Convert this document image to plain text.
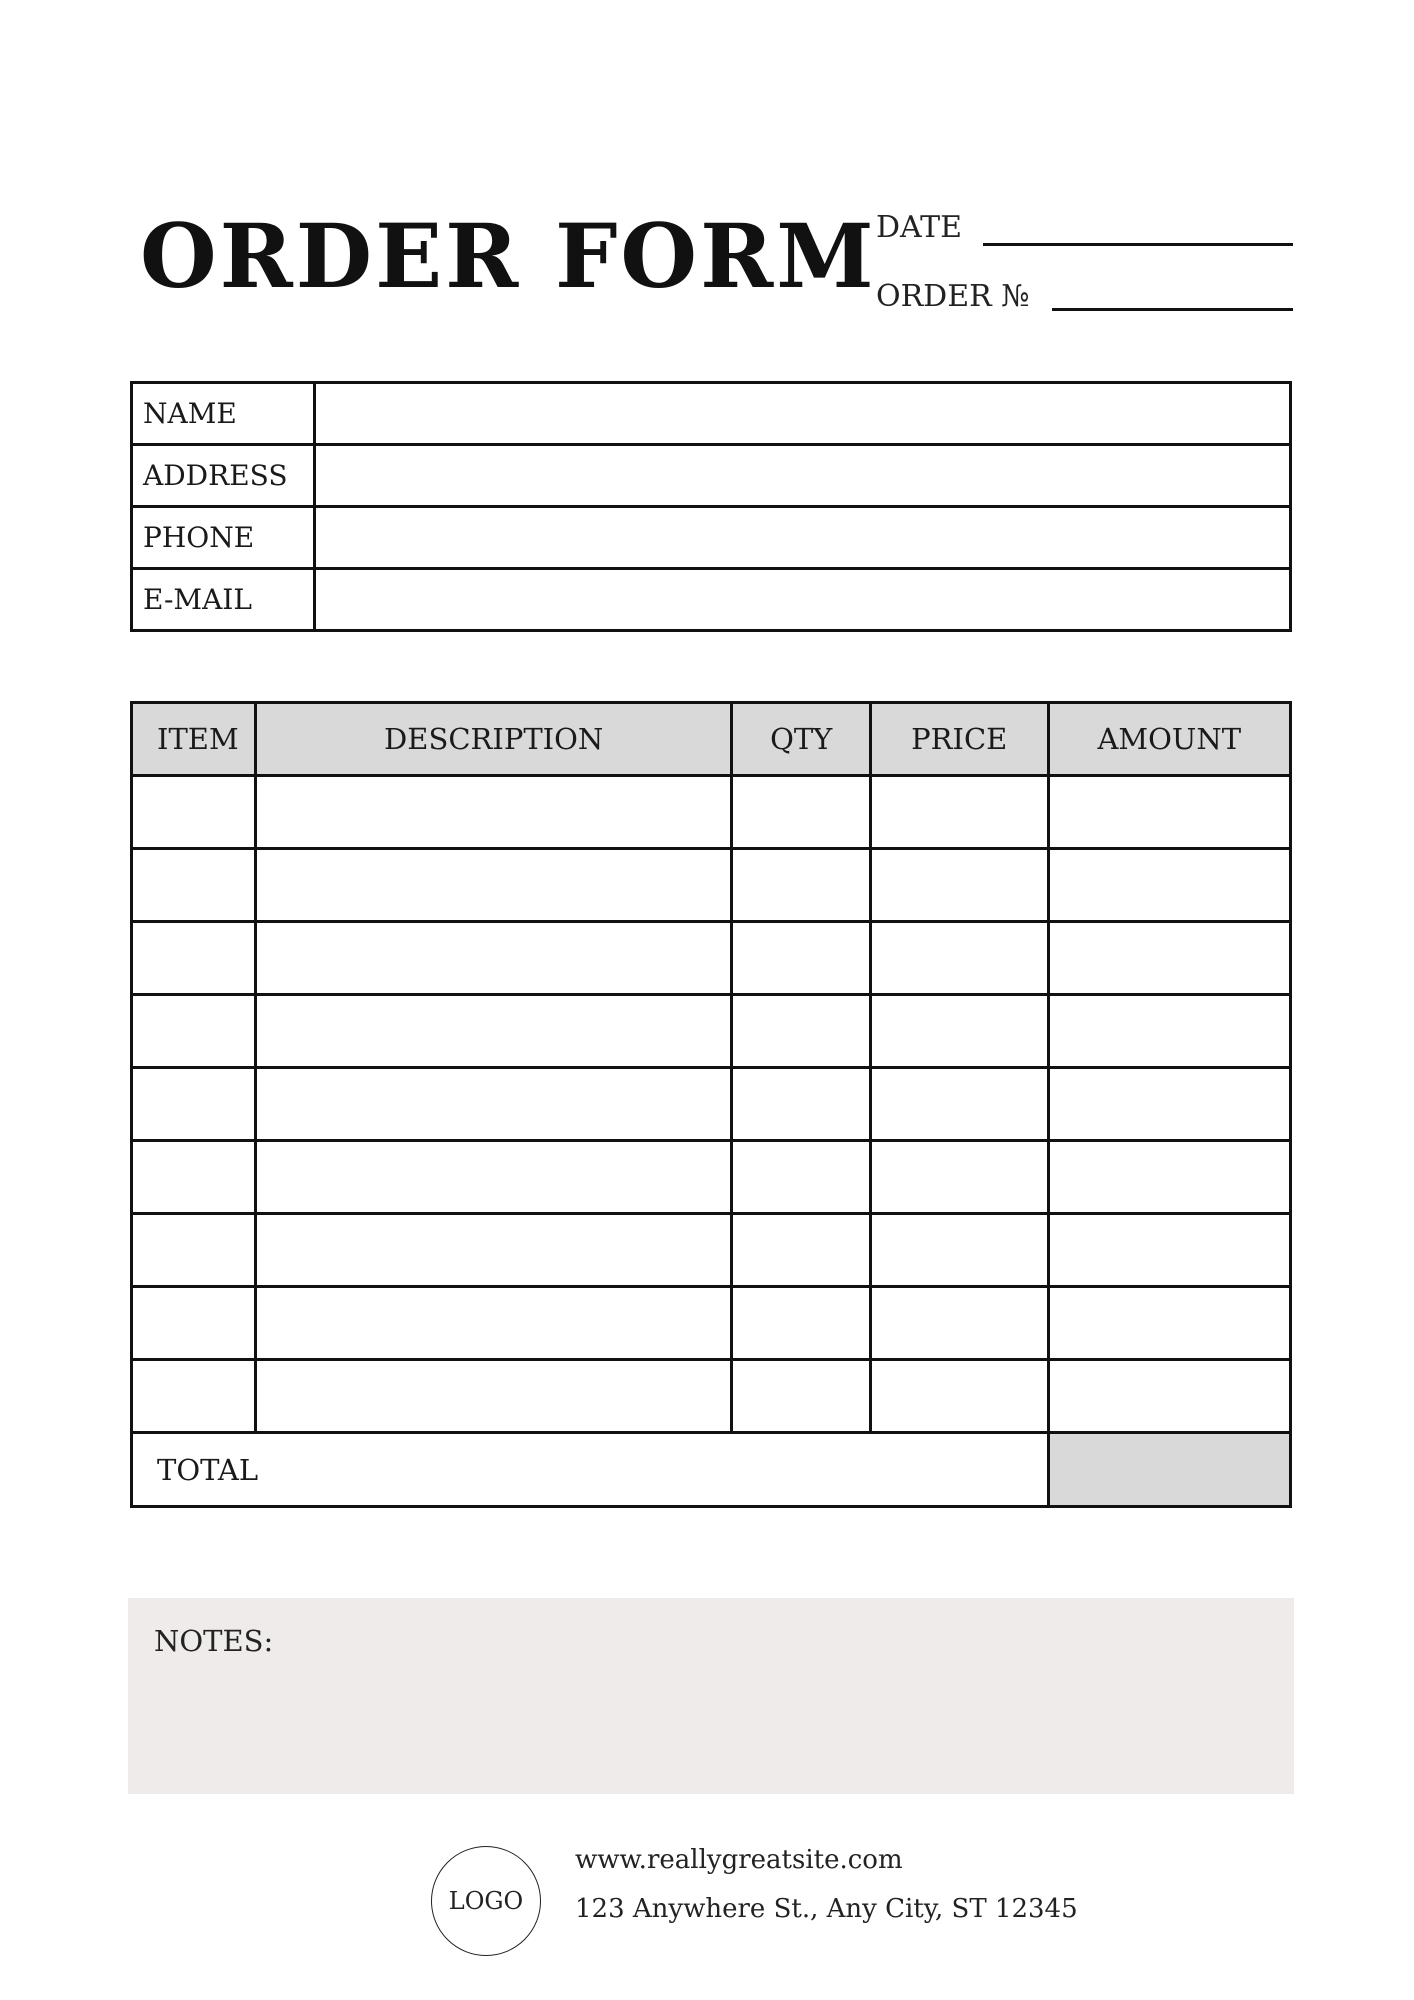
ORDER FORM DATE
ORDER №
NAME	
ADDRESS	
PHONE	
E-MAIL	
ITEM	DESCRIPTION	QTY	PRICE	AMOUNT

TOTAL				
NOTES:
LOGO
www.reallygreatsite.com
123 Anywhere St., Any City, ST 12345
